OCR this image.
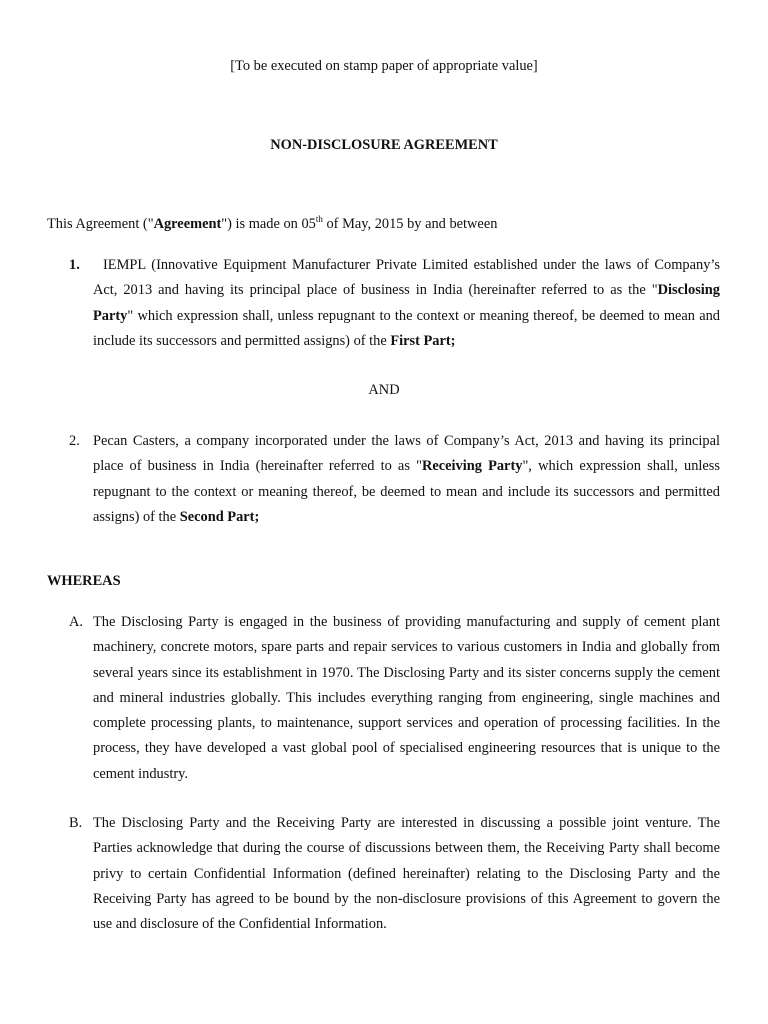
[To be executed on stamp paper of appropriate value]
NON-DISCLOSURE AGREEMENT
This Agreement ("Agreement") is made on 05th of May, 2015 by and between
1. IEMPL (Innovative Equipment Manufacturer Private Limited established under the laws of Company’s Act, 2013 and having its principal place of business in India (hereinafter referred to as the "Disclosing Party" which expression shall, unless repugnant to the context or meaning thereof, be deemed to mean and include its successors and permitted assigns) of the First Part;
AND
2. Pecan Casters, a company incorporated under the laws of Company’s Act, 2013 and having its principal place of business in India (hereinafter referred to as "Receiving Party", which expression shall, unless repugnant to the context or meaning thereof, be deemed to mean and include its successors and permitted assigns) of the Second Part;
WHEREAS
A. The Disclosing Party is engaged in the business of providing manufacturing and supply of cement plant machinery, concrete motors, spare parts and repair services to various customers in India and globally from several years since its establishment in 1970. The Disclosing Party and its sister concerns supply the cement and mineral industries globally. This includes everything ranging from engineering, single machines and complete processing plants, to maintenance, support services and operation of processing facilities. In the process, they have developed a vast global pool of specialised engineering resources that is unique to the cement industry.
B. The Disclosing Party and the Receiving Party are interested in discussing a possible joint venture. The Parties acknowledge that during the course of discussions between them, the Receiving Party shall become privy to certain Confidential Information (defined hereinafter) relating to the Disclosing Party and the Receiving Party has agreed to be bound by the non-disclosure provisions of this Agreement to govern the use and disclosure of the Confidential Information.
